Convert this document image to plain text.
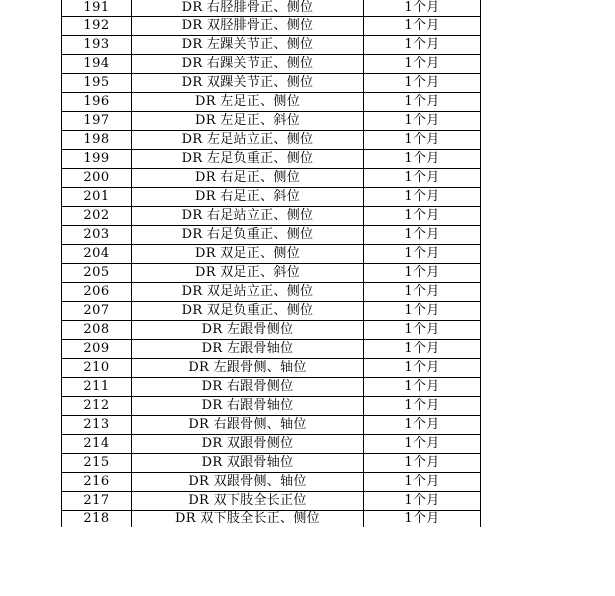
191	DR 右胫腓骨正、侧位	1个月
192	DR 双胫腓骨正、侧位	1个月
193	DR 左踝关节正、侧位	1个月
194	DR 右踝关节正、侧位	1个月
195	DR 双踝关节正、侧位	1个月
196	DR 左足正、侧位	1个月
197	DR 左足正、斜位	1个月
198	DR 左足站立正、侧位	1个月
199	DR 左足负重正、侧位	1个月
200	DR 右足正、侧位	1个月
201	DR 右足正、斜位	1个月
202	DR 右足站立正、侧位	1个月
203	DR 右足负重正、侧位	1个月
204	DR 双足正、侧位	1个月
205	DR 双足正、斜位	1个月
206	DR 双足站立正、侧位	1个月
207	DR 双足负重正、侧位	1个月
208	DR 左跟骨侧位	1个月
209	DR 左跟骨轴位	1个月
210	DR 左跟骨侧、轴位	1个月
211	DR 右跟骨侧位	1个月
212	DR 右跟骨轴位	1个月
213	DR 右跟骨侧、轴位	1个月
214	DR 双跟骨侧位	1个月
215	DR 双跟骨轴位	1个月
216	DR 双跟骨侧、轴位	1个月
217	DR 双下肢全长正位	1个月
218	DR 双下肢全长正、侧位	1个月
